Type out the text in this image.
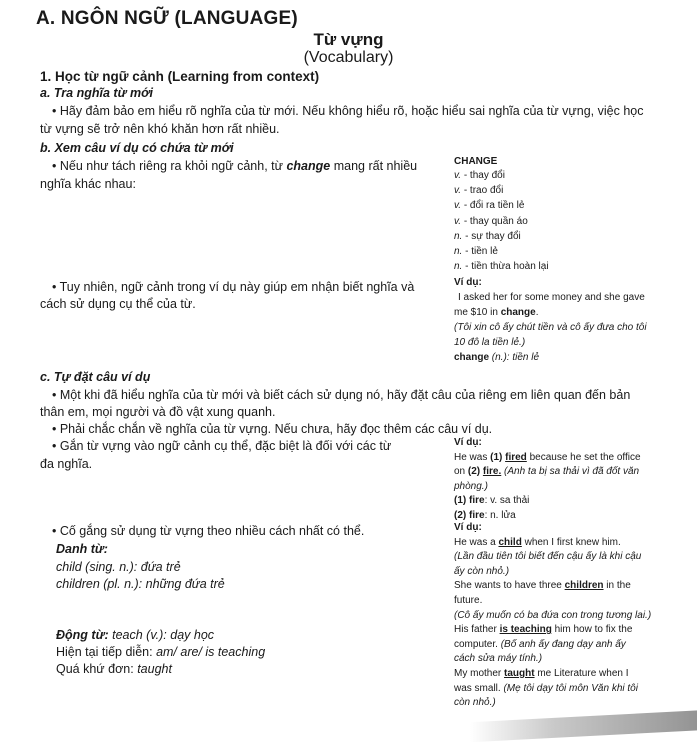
A. NGÔN NGỮ (LANGUAGE)
Từ vựng
(Vocabulary)
1. Học từ ngữ cảnh (Learning from context)
a. Tra nghĩa từ mới
• Hãy đảm bảo em hiểu rõ nghĩa của từ mới. Nếu không hiểu rõ, hoặc hiểu sai nghĩa của từ vựng, việc học
từ vựng sẽ trở nên khó khăn hơn rất nhiều.
b. Xem câu ví dụ có chứa từ mới
• Nếu như tách riêng ra khỏi ngữ cảnh, từ change mang rất nhiều
nghĩa khác nhau:
CHANGE
v. - thay đổi
v. - trao đổi
v. - đổi ra tiền lẻ
v. - thay quần áo
n. - sự thay đổi
n. - tiền lẻ
n. - tiền thừa hoàn lại
• Tuy nhiên, ngữ cảnh trong ví dụ này giúp em nhận biết nghĩa và
cách sử dụng cụ thể của từ.
Ví dụ:
I asked her for some money and she gave
me $10 in change.
(Tôi xin cô ấy chút tiền và cô ấy đưa cho tôi
10 đô la tiền lẻ.)
change (n.): tiền lẻ
c. Tự đặt câu ví dụ
• Một khi đã hiểu nghĩa của từ mới và biết cách sử dụng nó, hãy đặt câu của riêng em liên quan đến bản
thân em, mọi người và đồ vật xung quanh.
• Phải chắc chắn về nghĩa của từ vựng. Nếu chưa, hãy đọc thêm các câu ví dụ.
• Gắn từ vựng vào ngữ cảnh cụ thể, đặc biệt là đối với các từ
đa nghĩa.
Ví dụ:
He was (1) fired because he set the office
on (2) fire. (Anh ta bị sa thải vì đã đốt văn
phòng.)
(1) fire: v. sa thải
(2) fire: n. lửa
• Cố gắng sử dụng từ vựng theo nhiều cách nhất có thể.
Danh từ:
child (sing. n.): đứa trẻ
children (pl. n.): những đứa trẻ
Động từ: teach (v.): dạy học
Hiện tại tiếp diễn: am/ are/ is teaching
Quá khứ đơn: taught
Ví dụ:
He was a child when I first knew him.
(Lần đầu tiên tôi biết đến cậu ấy là khi cậu
ấy còn nhỏ.)
She wants to have three children in the
future.
(Cô ấy muốn có ba đứa con trong tương lai.)
His father is teaching him how to fix the
computer. (Bố anh ấy đang dạy anh ấy
cách sửa máy tính.)
My mother taught me Literature when I
was small. (Mẹ tôi dạy tôi môn Văn khi tôi
còn nhỏ.)
